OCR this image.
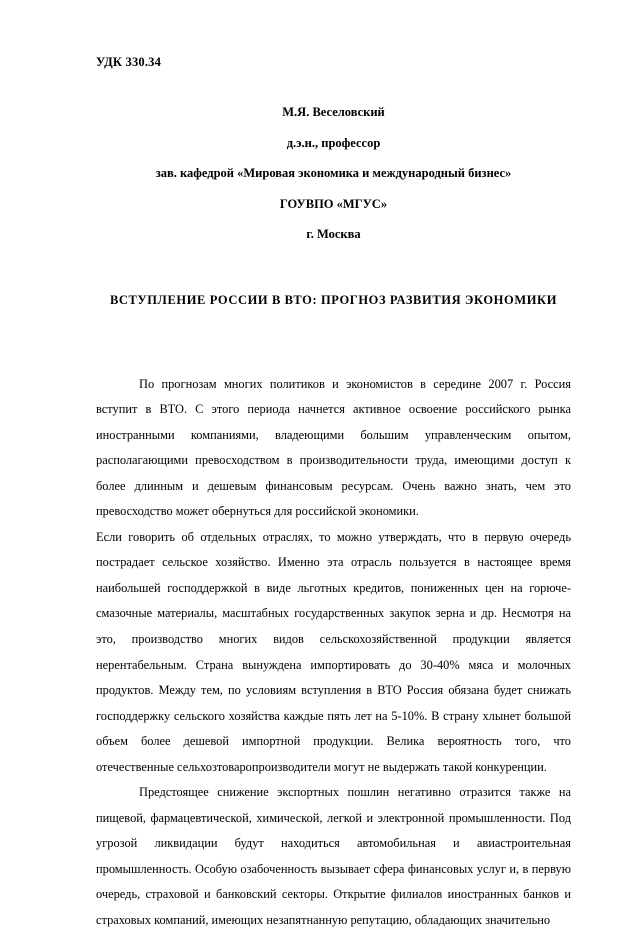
УДК 330.34
М.Я. Веселовский
д.э.н., профессор
зав. кафедрой «Мировая экономика и международный бизнес»
ГОУВПО «МГУС»
г. Москва
ВСТУПЛЕНИЕ РОССИИ В ВТО: ПРОГНОЗ РАЗВИТИЯ ЭКОНОМИКИ

По прогнозам многих политиков и экономистов в середине 2007 г. Россия вступит в ВТО. С этого периода начнется активное освоение российского рынка иностранными компаниями, владеющими большим управленческим опытом, располагающими превосходством в производительности труда, имеющими доступ к более длинным и дешевым финансовым ресурсам. Очень важно знать, чем это превосходство может обернуться для российской экономики.

Если говорить об отдельных отраслях, то можно утверждать, что в первую очередь пострадает сельское хозяйство. Именно эта отрасль пользуется в настоящее время наибольшей господдержкой в виде льготных кредитов, пониженных цен на горюче-смазочные материалы, масштабных государственных закупок зерна и др. Несмотря на это, производство многих видов сельскохозяйственной продукции является нерентабельным. Страна вынуждена импортировать до 30-40% мяса и молочных продуктов. Между тем, по условиям вступления в ВТО Россия обязана будет снижать господдержку сельского хозяйства каждые пять лет на 5-10%. В страну хлынет большой объем более дешевой импортной продукции. Велика вероятность того, что отечественные сельхозтоваропроизводители могут не выдержать такой конкуренции.

Предстоящее снижение экспортных пошлин негативно отразится также на пищевой, фармацевтической, химической, легкой и электронной промышленности. Под угрозой ликвидации будут находиться автомобильная и авиастроительная промышленность. Особую озабоченность вызывает сфера финансовых услуг и, в первую очередь, страховой и банковский секторы. Открытие филиалов иностранных банков и страховых компаний, имеющих незапятнанную репутацию, обладающих значительно
